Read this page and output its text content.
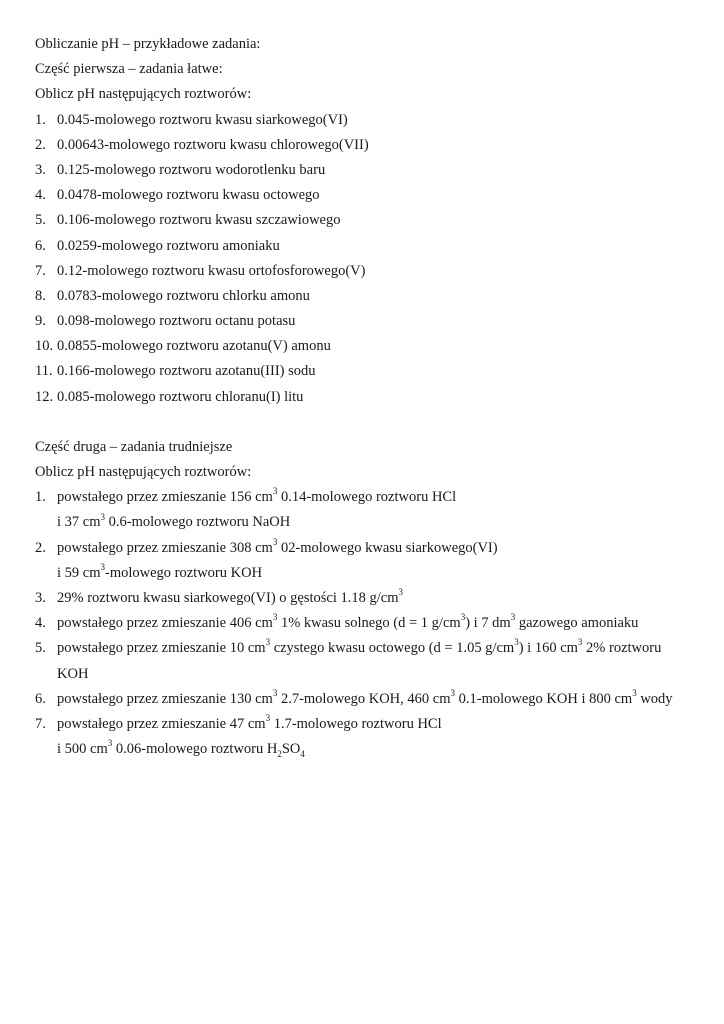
Obliczanie pH – przykładowe zadania:
Część pierwsza – zadania łatwe:
Oblicz pH następujących roztworów:
1. 0.045-molowego roztworu kwasu siarkowego(VI)
2. 0.00643-molowego roztworu kwasu chlorowego(VII)
3. 0.125-molowego roztworu wodorotlenku baru
4. 0.0478-molowego roztworu kwasu octowego
5. 0.106-molowego roztworu kwasu szczawiowego
6. 0.0259-molowego roztworu amoniaku
7. 0.12-molowego roztworu kwasu ortofosforowego(V)
8. 0.0783-molowego roztworu chlorku amonu
9. 0.098-molowego roztworu octanu potasu
10. 0.0855-molowego roztworu azotanu(V) amonu
11. 0.166-molowego roztworu azotanu(III) sodu
12. 0.085-molowego roztworu chloranu(I) litu
Część druga – zadania trudniejsze
Oblicz pH następujących roztworów:
1. powstałego przez zmieszanie 156 $cm^3$ 0.14-molowego roztworu HCl
i 37 $cm^3$ 0.6-molowego roztworu NaOH
2. powstałego przez zmieszanie 308 $cm^3$ 02-molowego kwasu siarkowego(VI)
i 59 $cm^3$-molowego roztworu KOH
3. 29% roztworu kwasu siarkowego(VI) o gęstości 1.18 $g/cm^3$
4. powstałego przez zmieszanie 406 $cm^3$ 1% kwasu solnego (d = 1 $g/cm^3$) i 7 $dm^3$ gazowego amoniaku
5. powstałego przez zmieszanie 10 $cm^3$ czystego kwasu octowego (d = 1.05 $g/cm^3$) i 160 $cm^3$ 2% roztworu
KOH
6. powstałego przez zmieszanie 130 $cm^3$ 2.7-molowego KOH, 460 $cm^3$ 0.1-molowego KOH i 800 $cm^3$ wody
7. powstałego przez zmieszanie 47 $cm^3$ 1.7-molowego roztworu HCl
i 500 $cm^3$ 0.06-molowego roztworu $H_2SO_4$
